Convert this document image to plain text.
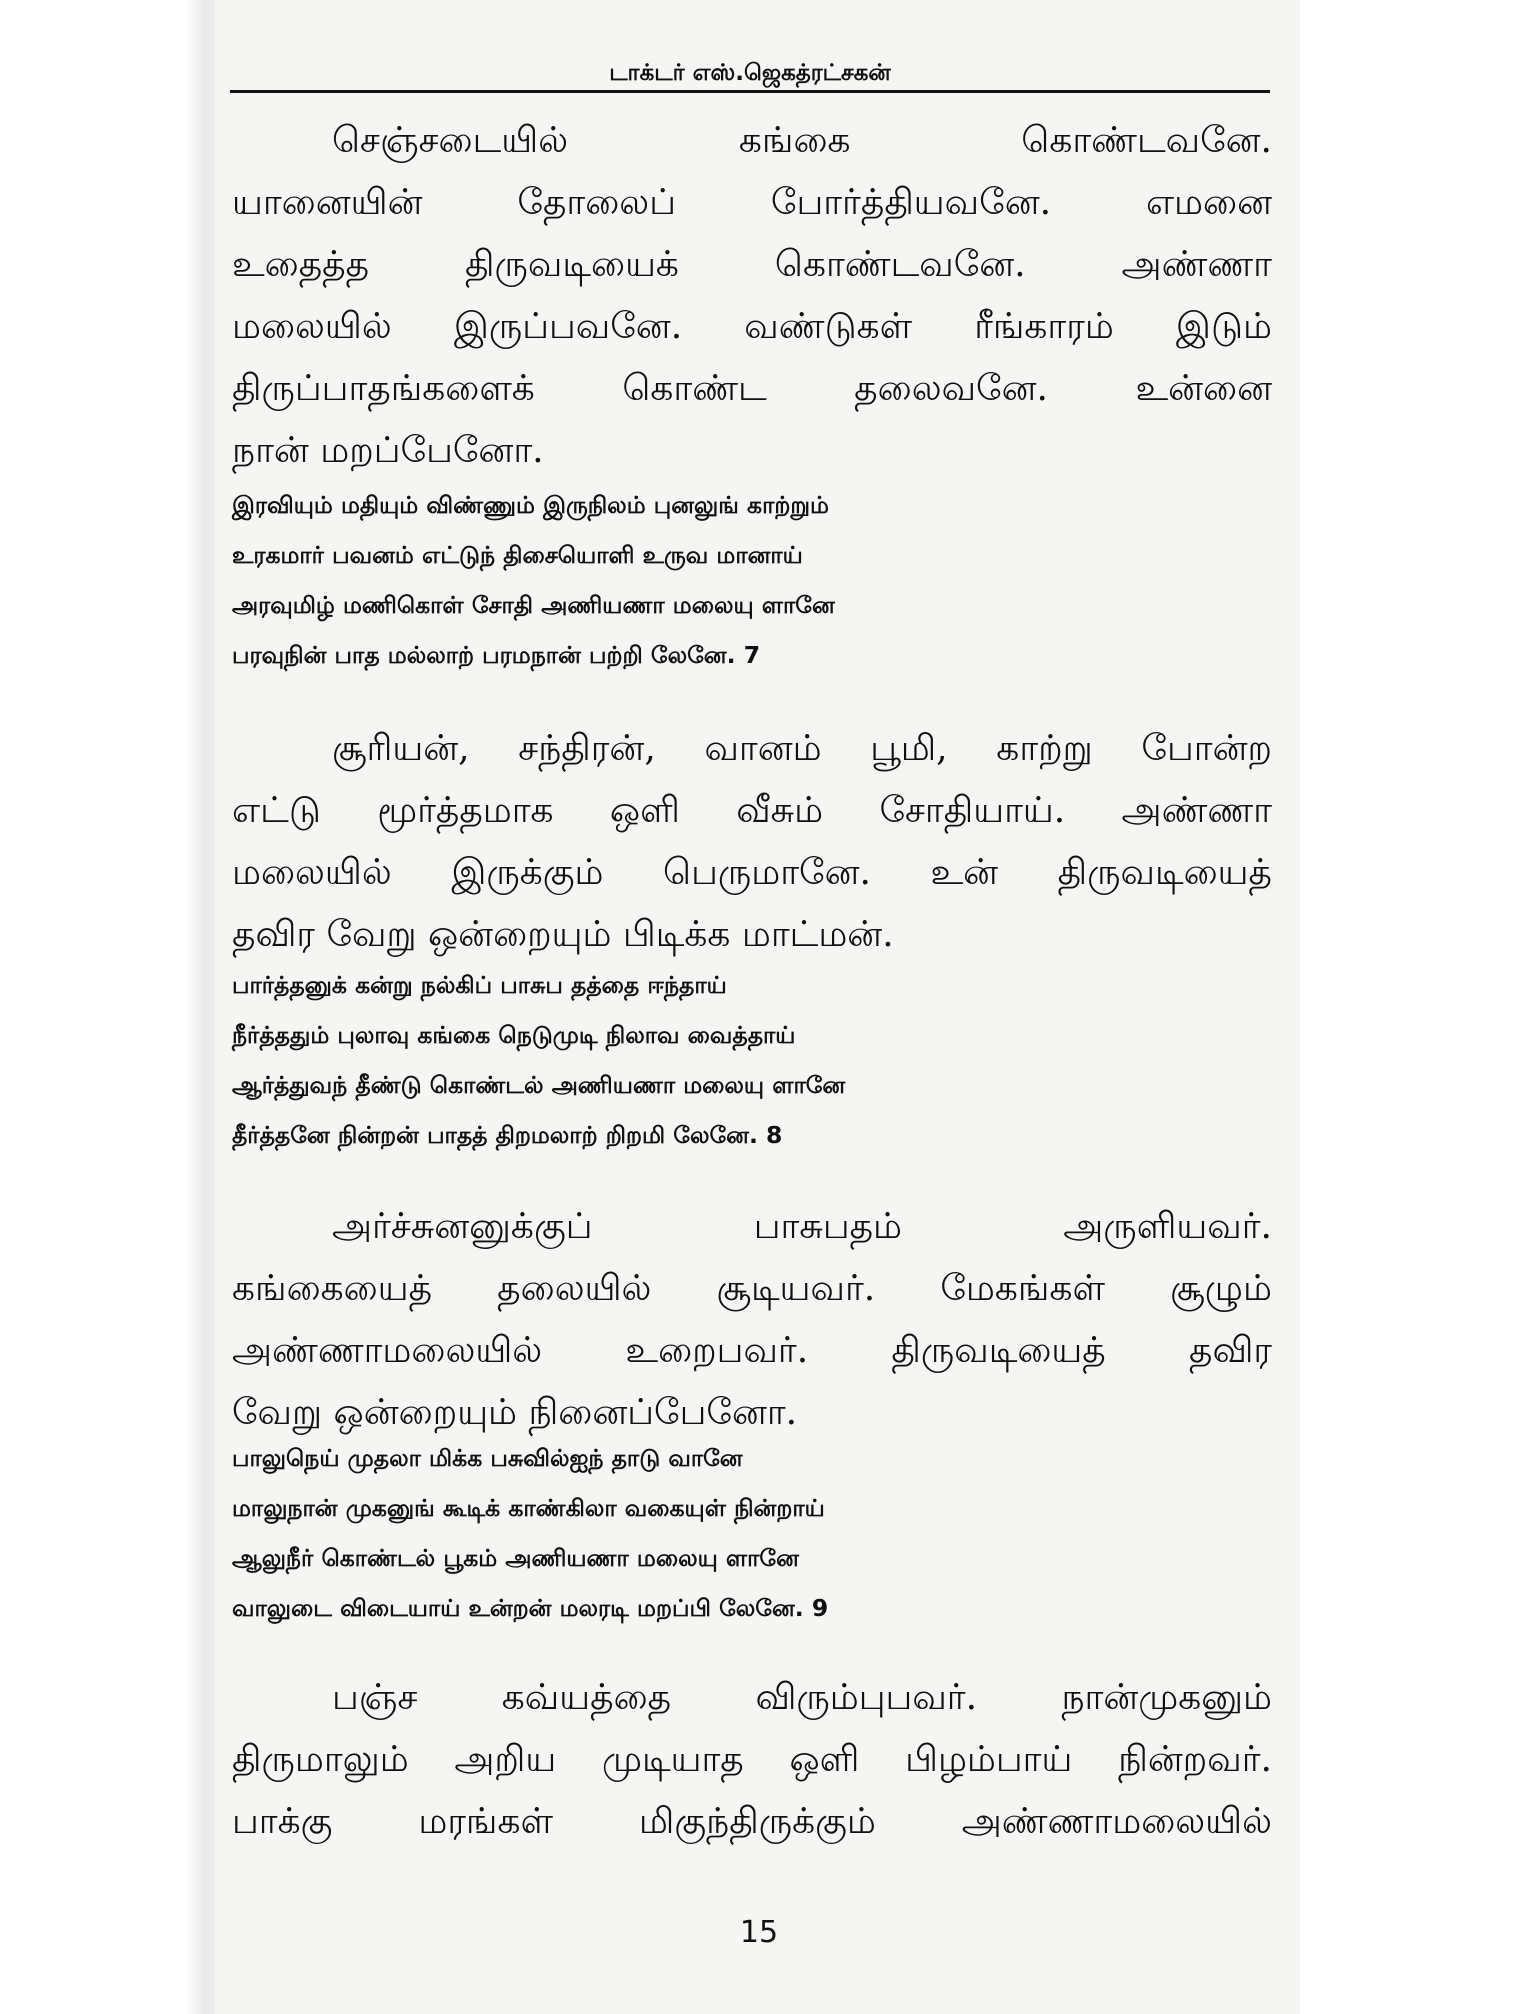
டாக்டர் எஸ்.ஜெகத்ரட்சகன்

செஞ்சடையில் கங்கை கொண்டவனே.
யானையின் தோலைப் போர்த்தியவனே. எமனை
உதைத்த திருவடியைக் கொண்டவனே. அண்ணா
மலையில் இருப்பவனே. வண்டுகள் ரீங்காரம் இடும்
திருப்பாதங்களைக் கொண்ட தலைவனே. உன்னை
நான் மறப்பேனோ.

இரவியும் மதியும் விண்ணும் இருநிலம் புனலுங் காற்றும்
உரகமார் பவனம் எட்டுந் திசையொளி உருவ மானாய்
அரவுமிழ் மணிகொள் சோதி அணியணா மலையு ளானே
பரவுநின் பாத மல்லாற் பரமநான் பற்றி லேனே. 7

சூரியன், சந்திரன், வானம் பூமி, காற்று போன்ற
எட்டு மூர்த்தமாக ஒளி வீசும் சோதியாய். அண்ணா
மலையில் இருக்கும் பெருமானே. உன் திருவடியைத்
தவிர வேறு ஒன்றையும் பிடிக்க மாட்மன்.

பார்த்தனுக் கன்று நல்கிப் பாசுப தத்தை ஈந்தாய்
நீர்த்ததும் புலாவு கங்கை நெடுமுடி நிலாவ வைத்தாய்
ஆர்த்துவந் தீண்டு கொண்டல் அணியணா மலையு ளானே
தீர்த்தனே நின்றன் பாதத் திறமலாற் றிறமி லேனே. 8

அர்ச்சுனனுக்குப் பாசுபதம் அருளியவர்.
கங்கையைத் தலையில் சூடியவர். மேகங்கள் சூழும்
அண்ணாமலையில் உறைபவர். திருவடியைத் தவிர
வேறு ஒன்றையும் நினைப்பேனோ.

பாலுநெய் முதலா மிக்க பசுவில்ஐந் தாடு வானே
மாலுநான் முகனுங் கூடிக் காண்கிலா வகையுள் நின்றாய்
ஆலுநீர் கொண்டல் பூகம் அணியணா மலையு ளானே
வாலுடை விடையாய் உன்றன் மலரடி மறப்பி லேனே. 9

பஞ்ச கவ்யத்தை விரும்புபவர். நான்முகனும்
திருமாலும் அறிய முடியாத ஒளி பிழம்பாய் நின்றவர்.
பாக்கு மரங்கள் மிகுந்திருக்கும் அண்ணாமலையில்

15
